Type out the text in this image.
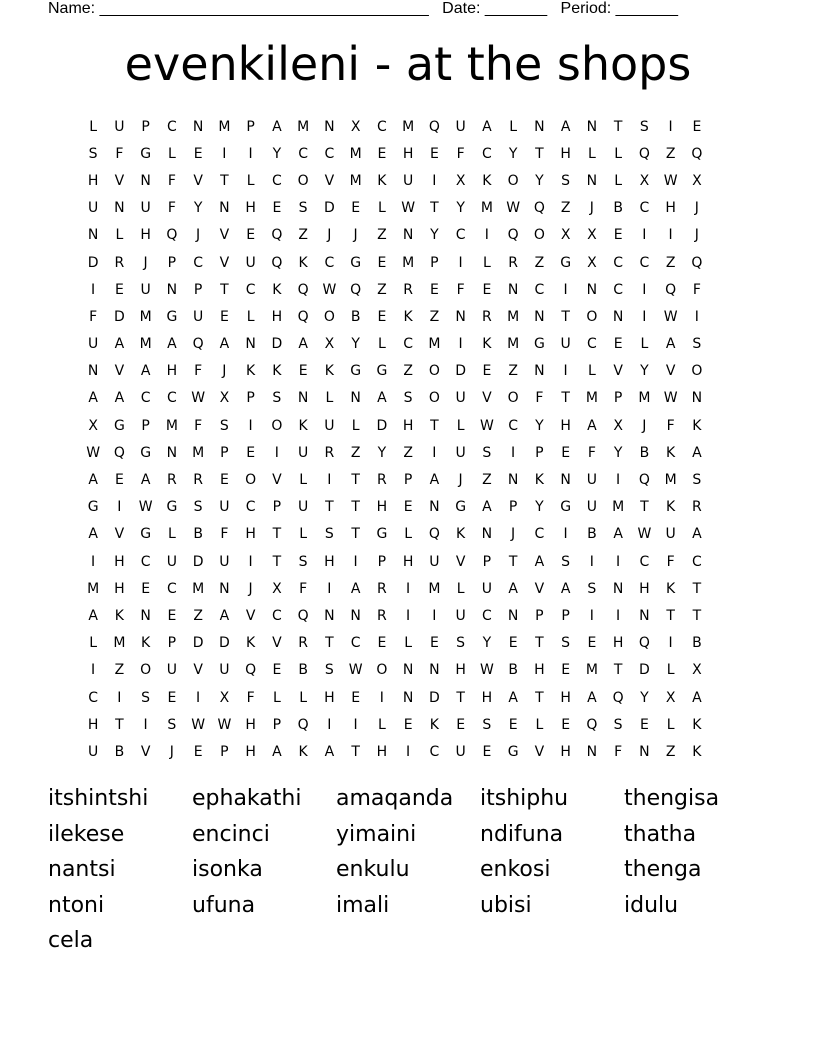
Name: _____________________________________ Date: _______ Period: _______
evenkileni - at the shops
L	U	P	C	N	M	P	A	M	N	X	C	M	Q	U	A	L	N	A	N	T	S	I	E
S	F	G	L	E	I	I	Y	C	C	M	E	H	E	F	C	Y	T	H	L	L	Q	Z	Q
H	V	N	F	V	T	L	C	O	V	M	K	U	I	X	K	O	Y	S	N	L	X	W	X
U	N	U	F	Y	N	H	E	S	D	E	L	W	T	Y	M W Q	Z	J	B	C	H	J
N	L	H	Q	J	V	E	Q	Z	J	J	Z	N	Y	C	I	Q	O	X	X	E	I	I	J
D	R	J	P	C	V	U	Q	K	C	G	E	M	P	I	L	R	Z	G	X	C	C	Z	Q
I	E	U	N	P	T	C	K	Q W Q	Z	R	E	F	E	N	C	I	N	C	I	Q	F
F	D	M	G	U	E	L	H	Q	O	B	E	K	Z	N	R	M	N	T	O	N	I	W	I
U	A	M	A	Q	A	N	D	A	X	Y	L	C	M	I	K	M	G	U	C	E	L	A	S
N	V	A	H	F	J	K	K	E	K	G	G	Z	O	D	E	Z	N	I	L	V	Y	V	O
A	A	C	C	W	X	P	S	N	L	N	A	S	O	U	V	O	F	T	M	P	M W	N
X	G	P	M	F	S	I	O	K	U	L	D	H	T	L	W	C	Y	H	A	X	J	F	K
W Q	G	N	M	P	E	I	U	R	Z	Y	Z	I	U	S	I	P	E	F	Y	B	K	A
A	E	A	R	R	E	O	V	L	I	T	R	P	A	J	Z	N	K	N	U	I	Q	M	S
G	I	W G	S	U	C	P	U	T	T	H	E	N	G	A	P	Y	G	U	M	T	K	R
A	V	G	L	B	F	H	T	L	S	T	G	L	Q	K	N	J	C	I	B	A	W	U	A
I	H	C	U	D	U	I	T	S	H	I	P	H	U	V	P	T	A	S	I	I	C	F	C
M	H	E	C	M	N	J	X	F	I	A	R	I	M	L	U	A	V	A	S	N	H	K	T
A	K	N	E	Z	A	V	C	Q	N	N	R	I	I	U	C	N	P	P	I	I	N	T	T
L	M	K	P	D	D	K	V	R	T	C	E	L	E	S	Y	E	T	S	E	H	Q	I	B
I	Z	O	U	V	U	Q	E	B	S	W O	N	N	H	W	B	H	E	M	T	D	L	X
C	I	S	E	I	X	F	L	L	H	E	I	N	D	T	H	A	T	H	A	Q	Y	X	A
H	T	I	S	W W	H	P	Q	I	I	L	E	K	E	S	E	L	E	Q	S	E	L	K
U	B	V	J	E	P	H	A	K	A	T	H	I	C	U	E	G	V	H	N	F	N	Z	K
itshintshi	ephakathi	amaqanda	itshiphu	thengisa
ilekese	encinci	yimaini	ndifuna	thatha
nantsi	isonka	enkulu	enkosi	thenga
ntoni	ufuna	imali	ubisi	idulu
cela
